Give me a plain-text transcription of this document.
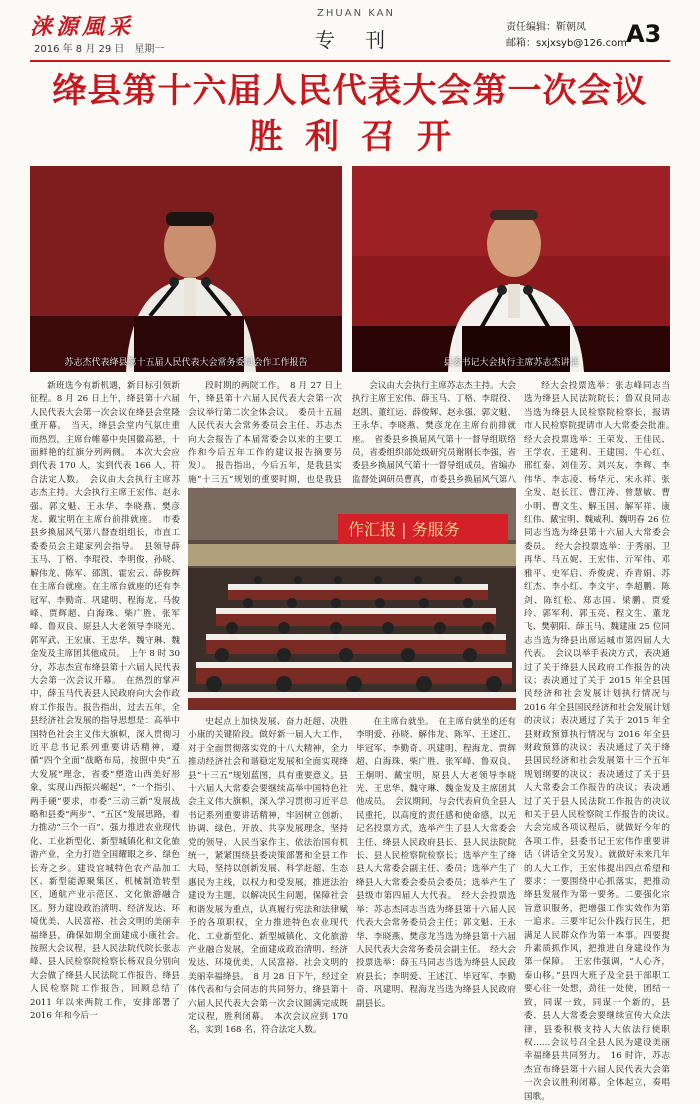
涞源風采
2016 年 8 月 29 日　星期一
ZHUAN KAN
专 刊
责任编辑：靳朝凤
邮箱：sxjxsyb@126.com A3
绛县第十六届人民代表大会第一次会议
胜利召开
苏志杰代表绛县第十五届人民代表大会常务委员会作工作报告	县委书记大会执行主席苏志杰讲话

新班选今有新机遇，新目标引领新征程。8 月 26 日上午，绛县第十六届人民代表大会第一次会议在绛县会堂隆重开幕。　当天，绛县会堂内气氛庄重而热烈，主席台帷幕中央国徽高悬，十面鲜艳的红旗分列两侧。　本次大会应到代表 170 人，实到代表 166 人，符合法定人数。　会议由大会执行主席苏志杰主持。大会执行主席王宏伟、赵永强、郭文魁、王永华、李晓燕、樊彦龙、戴宝明在主席台前排就座。　市委县乡换届风气第八督查组组长，市直工委委员会主建家列会指导。　县领导薛玉马、丁格、李琨役、李明俊、孙晓、解伟龙、陈军、邵凯、霍宏云、薛俊辉在主席台就座。在主席台就座的还有李冠军、李勤奇、巩建明、程海龙、马俊峰、贾辉超、白海珠、柴广胜、张军峰、鲁双良、原县人大老领导李晓光、郭军武、王宏康、王忠华、魏守琳、魏金发及主席团其他成员。　上午 8 时 30 分，苏志杰宣布绛县第十六届人民代表大会第一次会议开幕。　在热烈的掌声中，薛玉马代表县人民政府向大会作政府工作报告。报告指出，过去五年，全县经济社会发展的指导思想是：高举中国特色社会主义伟大旗帜，深入贯彻习近平总书记系列重要讲话精神，遵循“四个全面”战略布局，按照中央“五大发展”理念，省委“塑造山西美好形象，实现山西振兴崛起”，“一个指引、两手硬”要求，市委“三动三新”发展战略和县委“两步”、“五区”发展思路，着力推动“三个一百”、强力推进农业现代化、工业新型化、新型城镇化和文化旅游产业，全力打造全国耀眼之乡、绿色长寿之乡。建设宜城特色农产品加工区、新型能源聚集区、机械制造转型区，通航产业示范区、文化旅游融合区。努力建设政治清明、经济发达、环境优美、人民富裕、社会文明的美丽幸福绛县，确保如期全面建成小康社会。　按照大会议程，县人民法院代院长张志峰、县人民检察院检察长杨双良分别向大会做了绛县人民法院工作报告、绛县人民检察院工作报告，回顾总结了 2011 年以来两院工作，安排部署了 2016 年和今后一

段时期的两院工作。　8 月 27 日上午，绛县第十六届人民代表大会第一次会议举行第二次全体会议。　委员十五届人民代表大会常务委员会主任、苏志杰向大会报告了本届常委会以来的主要工作和今后五年工作的建议报告摘要另发）。　报告指出，今后五年，是我县实施“十三五”规划的重要时期，也是我县

会议由大会执行主席苏志杰主持。大会执行主席王宏伟、薛玉马、丁格、李琨役、赵凯、董红运、薛俊辉、赵永强、郭文魁、王永华、李晓燕、樊彦龙在主席台前排就座。　省委县乡换届风气第十一督导组联络员，省委组织部处级研究员谢刚长李强，省委县乡换届风气第十一督导组成员，省编办监督处调研员曹真，市委县乡换届风气第八

作汇报 | 务服务

史起点上加快发展、奋力赶超、决胜小康的关键阶段。做好新一届人大工作，对于全面贯彻落实党的十八大精神，全力推动经济社会和谐稳定发展和全面实现绛县“十三五”规划蓝图，具有重要意义。县十六届人大常委会要继续高举中国特色社会主义伟大旗帜，深入学习贯彻习近平总书记系列重要讲话精神，牢固树立创新、协调、绿色、开放、共享发展理念，坚持党的领导、人民当家作主、依法治国有机统一，紧紧围绕县委决策部署和全县工作大局，坚持以创新发展、科学赶超、生态惠民为主线，以权力和受发展，推进法治建设为主题，以解决民生问题，保障社会和谐发展为重点，认真履行宪法和法律赋予的各项职权，全力推进特色农业现代化、工业新型化、新型城镇化、文化旅游产业融合发展，全面建成政治清明、经济发达、环境优美，人民富裕、社会文明的美丽幸福绛县。　8 月 28 日下午，经过全体代表和与会同志的共同努力，绛县第十六届人民代表大会第一次会议圆满完成既定议程，胜利闭幕。　本次会议应到 170 名，实到 168 名，符合法定人数。

在主席台就坐。　在主席台就坐的还有李明爱、孙晓、解伟龙、陈军、王述江、毕冠军、李勤奇、巩建明、程海龙、贾辉超、白海珠、柴广胜、张军峰、鲁双良、王炯明、戴宝明，原县人大老领导李晓光、王忠华、魏守琳、魏金发及主席团其他成员。　会议期间，与会代表肩负全县人民重托，以高度的责任感和使命感，以无记名投票方式，选举产生了县人大常委会主任、绛县人民政府县长、县人民法院院长、县人民检察院检察长；选举产生了绛县人大常委会副主任、委员；选举产生了绛县人大常委会委员会委员；选举产生了县级市第四届人大代表。　经大会投票选举：苏志杰同志当选为绛县第十六届人民代表大会常务委员会主任；郭文魁、王永华、李晓燕、樊彦龙当选为绛县第十六届人民代表大会常务委员会副主任。　经大会投票选举：薛玉马同志当选为绛县人民政府县长；李明爱、王述江、毕冠军、李勤奇、巩建明、程海龙当选为绛县人民政府副县长。

经大会投票选举：张志峰同志当选为绛县人民法院院长；鲁双良同志当选为绛县人民检察院检察长，报请市人民检察院提请市人大常委会批准。　经大会投票选举：王荣发、王佳民、王学农、王建利、王建国、牛心红、邢红泰、刘佳芳、刘兴友、李辉、李伟华、李志凌、杨华元、宋永祥、张全发、赵长江、曹江涛、曾慧敏、曹小明、曹文生、解玉国、解军祥、康红伟、戴宝明、魏威利、魏明春 26 位同志当选为绛县第十六届人大常委会委员。　经大会投票选举：于秀丽、卫再华、马五妮、王宏伟、亓军伟、邓雅平、史军启、乔俊虎、乔青娟、苏红杰、李小红、李文宇、李超鹏、陈剑、陈红松、郑志国、梁鹏、贾爱玲、郭军利、郭玉亮、程文生、董龙飞、樊朝阳、薛玉马、魏建康 25 位同志当选为绛县出席运城市第四届人大代表。　会议以举手表决方式，表决通过了关于绛县人民政府工作报告的决议；表决通过了关于 2015 年全县国民经济和社会发展计划执行情况与 2016 年全县国民经济和社会发展计划的决议；表决通过了关于 2015 年全县财政预算执行情况与 2016 年全县财政预算的决议；表决通过了关于绛县国民经济和社会发展第十三个五年规划纲要的决议；表决通过了关于县人大常委会工作报告的决议；表决通过了关于县人民法院工作报告的决议和关于县人民检察院工作报告的决议。　大会完成各项议程后，就做好今年的各项工作，县委书记王宏伟作重要讲话（讲话全文另发）。就做好未来几年的人大工作，王宏伟提出四点希望和要求：一要围绕中心抓落实，把推动绛县发展作为第一要务。二要强化宗旨意识服务，把增强工作实效作为第一追求。三要牢记公仆践行民生，把满足人民群众作为第一本事。四要提升素质抓作风，把推进自身建设作为第一保障。　王宏伟强调，“人心齐，泰山移。”县四大班子及全县干部职工要心往一处想，劲往一处使，团结一致，同谋一致，同谋一个新的，县委、县人大常委会要继续宣传大众法律，县委积极支持人大依法行使职权……会议号召全县人民为建设美丽幸福绛县共同努力。　16 时许，苏志杰宣布绛县第十六届人民代表大会第一次会议胜利闭幕。全体起立，奏唱国歌。
